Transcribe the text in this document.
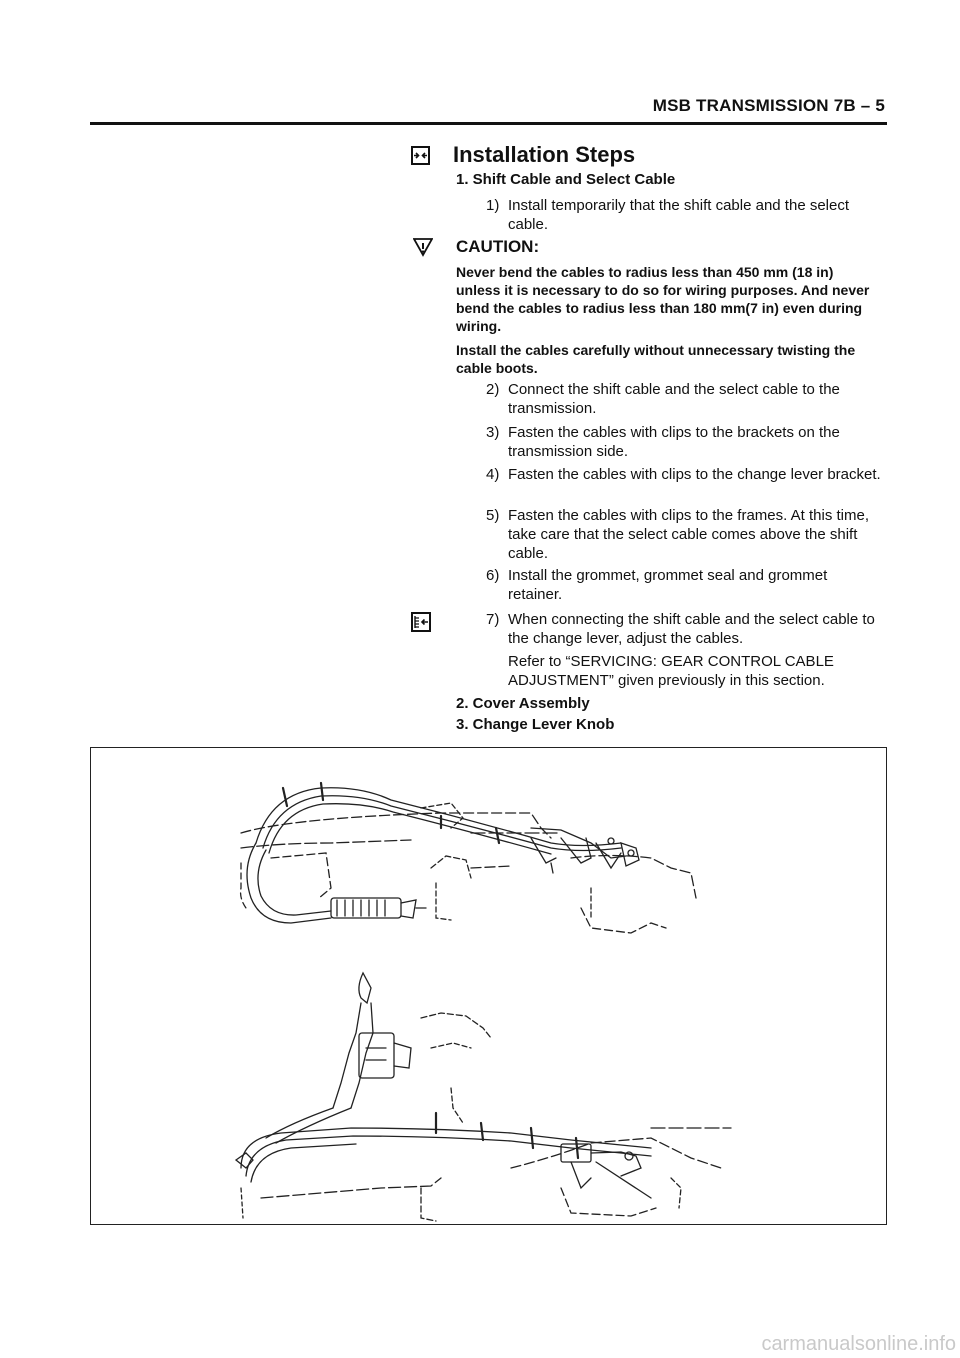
MSB TRANSMISSION 7B – 5
Installation Steps
1. Shift Cable and Select Cable
1) Install temporarily that the shift cable and the select cable.
CAUTION:
Never bend the cables to radius less than 450 mm (18 in) unless it is necessary to do so for wiring purposes. And never bend the cables to radius less than 180 mm(7 in) even during wiring.
Install the cables carefully without unnecessary twisting the cable boots.
2) Connect the shift cable and the select cable to the transmission.
3) Fasten the cables with clips to the brackets on the transmission side.
4) Fasten the cables with clips to the change lever bracket.
5) Fasten the cables with clips to the frames. At this time, take care that the select cable comes above the shift cable.
6) Install the grommet, grommet seal and grommet retainer.
7) When connecting the shift cable and the select cable to the change lever, adjust the cables.
Refer to “SERVICING: GEAR CONTROL CABLE ADJUSTMENT” given previously in this section.
2. Cover Assembly
3. Change Lever Knob
carmanualsonline.info
